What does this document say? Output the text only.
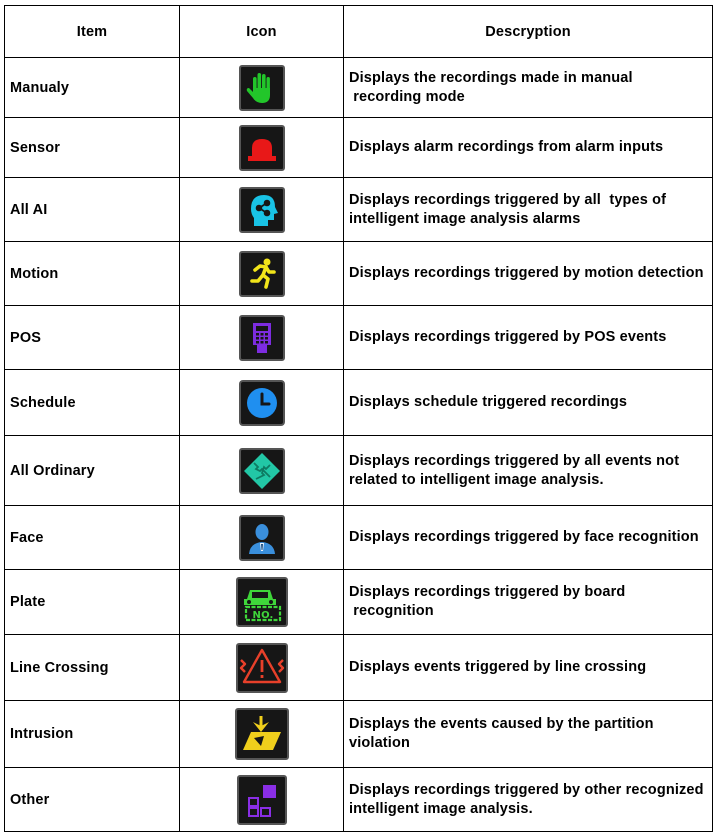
Item	Icon	Descryption
Manualy		Displays the recordings made in manual
recording mode
Sensor		Displays alarm recordings from alarm inputs
All AI		Displays recordings triggered by all  types of intelligent image analysis alarms
Motion		Displays recordings triggered by motion detection
POS		Displays recordings triggered by POS events
Schedule		Displays schedule triggered recordings
All Ordinary		Displays recordings triggered by all events not related to intelligent image analysis.
Face		Displays recordings triggered by face recognition
Plate	NO.	Displays recordings triggered by board
recognition
Line Crossing		Displays events triggered by line crossing
Intrusion		Displays the events caused by the partition violation
Other		Displays recordings triggered by other recognized intelligent image analysis.
